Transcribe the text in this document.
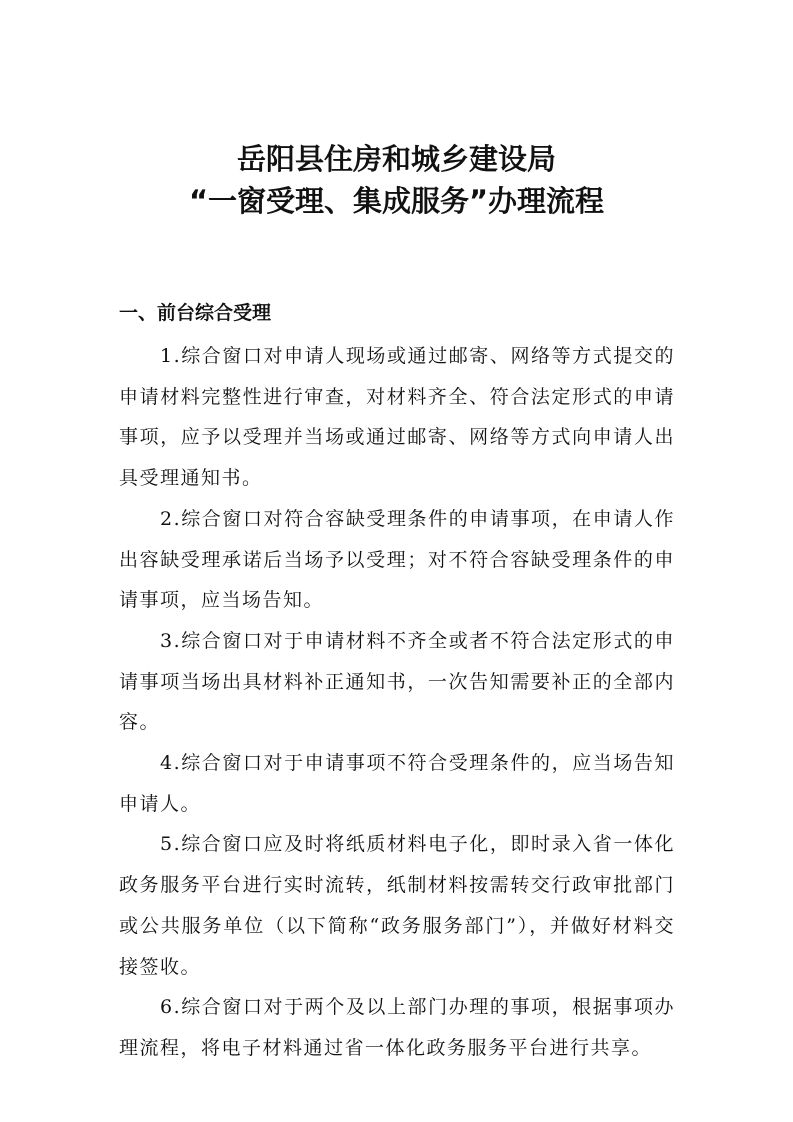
岳阳县住房和城乡建设局
“一窗受理、集成服务”办理流程
一、前台综合受理

1.综合窗口对申请人现场或通过邮寄、网络等方式提交的申请材料完整性进行审查，对材料齐全、符合法定形式的申请事项，应予以受理并当场或通过邮寄、网络等方式向申请人出具受理通知书。

2.综合窗口对符合容缺受理条件的申请事项，在申请人作出容缺受理承诺后当场予以受理；对不符合容缺受理条件的申请事项，应当场告知。

3.综合窗口对于申请材料不齐全或者不符合法定形式的申请事项当场出具材料补正通知书，一次告知需要补正的全部内容。

4.综合窗口对于申请事项不符合受理条件的，应当场告知申请人。

5.综合窗口应及时将纸质材料电子化，即时录入省一体化政务服务平台进行实时流转，纸制材料按需转交行政审批部门或公共服务单位（以下简称“政务服务部门”），并做好材料交接签收。

6.综合窗口对于两个及以上部门办理的事项，根据事项办理流程，将电子材料通过省一体化政务服务平台进行共享。
